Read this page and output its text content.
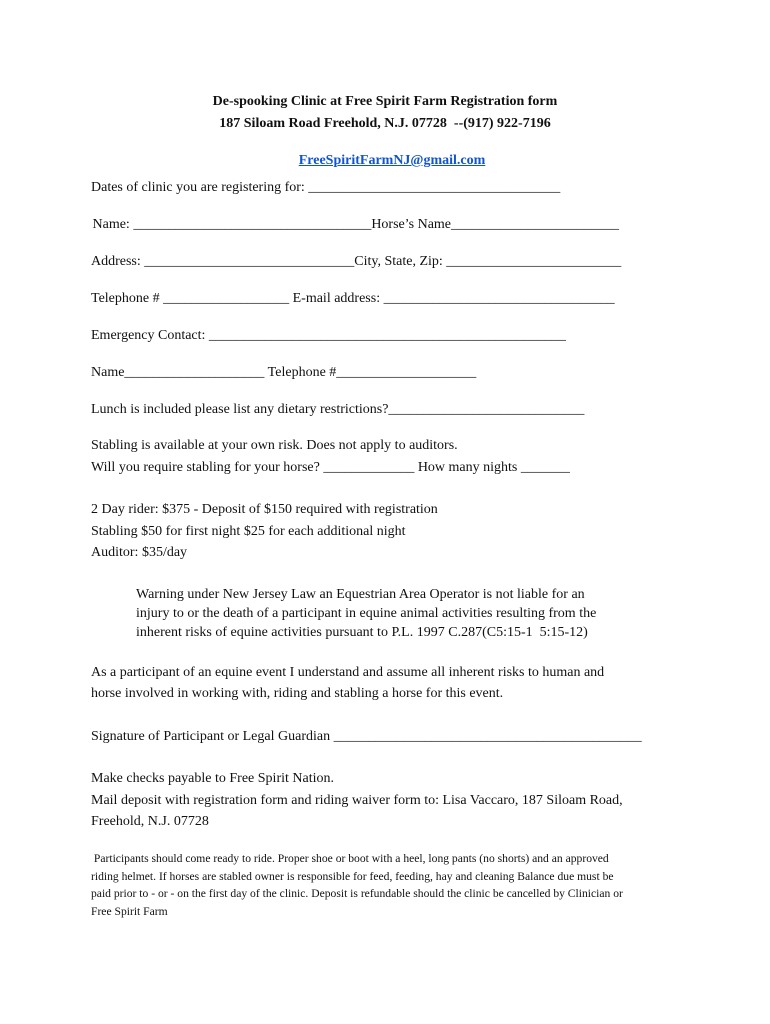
De-spooking Clinic at Free Spirit Farm Registration form
187 Siloam Road Freehold, N.J. 07728  --(917) 922-7196

FreeSpiritFarmNJ@gmail.com

Dates of clinic you are registering for: ____________________________________
Name: __________________________________Horse’s Name________________________
Address: ______________________________City, State, Zip: _________________________
Telephone # __________________ E-mail address: _________________________________
Emergency Contact: ___________________________________________________
Name____________________ Telephone #____________________
Lunch is included please list any dietary restrictions?____________________________
Stabling is available at your own risk. Does not apply to auditors.
Will you require stabling for your horse? _____________ How many nights _______
2 Day rider: $375 - Deposit of $150 required with registration
Stabling $50 for first night $25 for each additional night
Auditor: $35/day
Warning under New Jersey Law an Equestrian Area Operator is not liable for an
injury to or the death of a participant in equine animal activities resulting from the
inherent risks of equine activities pursuant to P.L. 1997 C.287(C5:15-1  5:15-12)
As a participant of an equine event I understand and assume all inherent risks to human and
horse involved in working with, riding and stabling a horse for this event.
Signature of Participant or Legal Guardian ____________________________________________
Make checks payable to Free Spirit Nation.
Mail deposit with registration form and riding waiver form to: Lisa Vaccaro, 187 Siloam Road,
Freehold, N.J. 07728
Participants should come ready to ride. Proper shoe or boot with a heel, long pants (no shorts) and an approved
riding helmet. If horses are stabled owner is responsible for feed, feeding, hay and cleaning Balance due must be
paid prior to - or - on the first day of the clinic. Deposit is refundable should the clinic be cancelled by Clinician or
Free Spirit Farm
